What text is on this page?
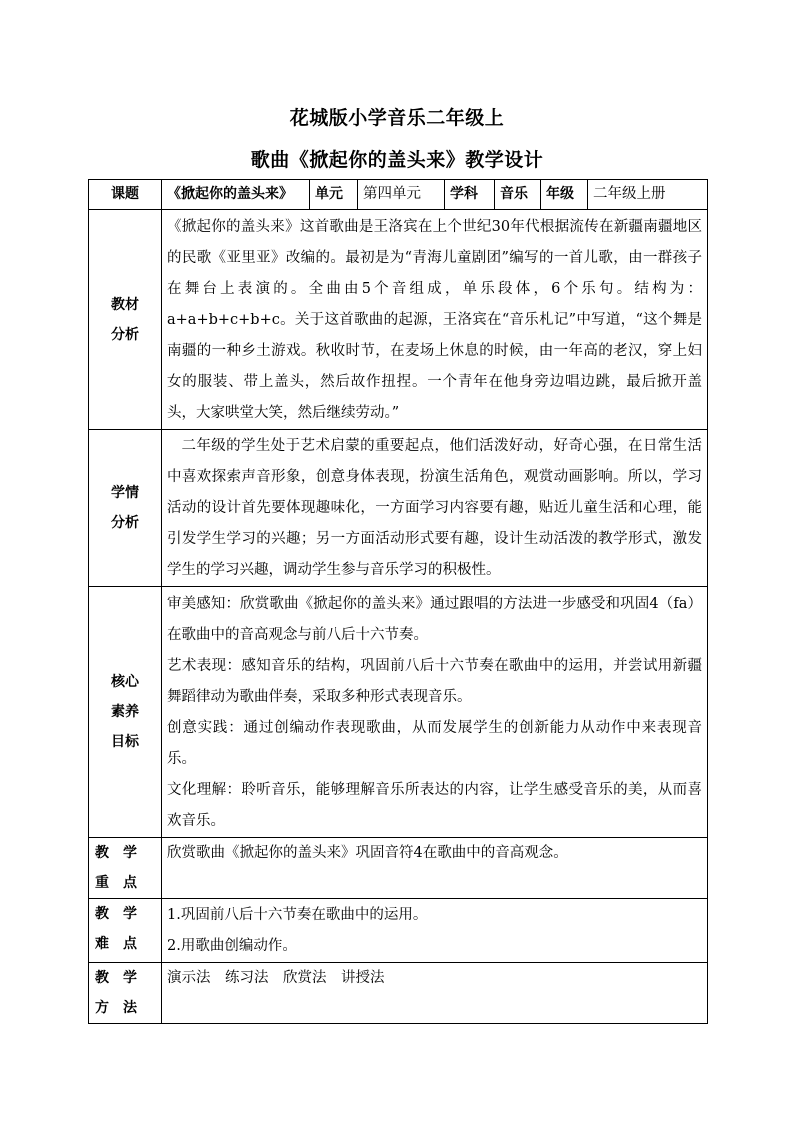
花城版小学音乐二年级上
歌曲《掀起你的盖头来》教学设计
课题	《掀起你的盖头来》	单元	第四单元	学科	音乐	年级	二年级上册
教材分析	《掀起你的盖头来》这首歌曲是王洛宾在上个世纪30年代根据流传在新疆南疆地区的民歌《亚里亚》改编的。最初是为“青海儿童剧团”编写的一首儿歌，由一群孩子在舞台上表演的。全曲由5个音组成，单乐段体，6个乐句。结构为：a+a+b+c+b+c。关于这首歌曲的起源，王洛宾在“音乐札记”中写道，“这个舞是南疆的一种乡土游戏。秋收时节，在麦场上休息的时候，由一年高的老汉，穿上妇女的服装、带上盖头，然后故作扭捏。一个青年在他身旁边唱边跳，最后掀开盖头，大家哄堂大笑，然后继续劳动。”						
学情分析	二年级的学生处于艺术启蒙的重要起点，他们活泼好动，好奇心强，在日常生活中喜欢探索声音形象，创意身体表现，扮演生活角色，观赏动画影响。所以，学习活动的设计首先要体现趣味化，一方面学习内容要有趣，贴近儿童生活和心理，能引发学生学习的兴趣；另一方面活动形式要有趣，设计生动活泼的教学形式，激发学生的学习兴趣，调动学生参与音乐学习的积极性。						
核心素养目标	审美感知：欣赏歌曲《掀起你的盖头来》通过跟唱的方法进一步感受和巩固4（fa）在歌曲中的音高观念与前八后十六节奏。
艺术表现：感知音乐的结构，巩固前八后十六节奏在歌曲中的运用，并尝试用新疆舞蹈律动为歌曲伴奏，采取多种形式表现音乐。
创意实践：通过创编动作表现歌曲，从而发展学生的创新能力从动作中来表现音乐。
文化理解：聆听音乐，能够理解音乐所表达的内容，让学生感受音乐的美，从而喜欢音乐。						

教学重点	欣赏歌曲《掀起你的盖头来》巩固音符4在歌曲中的音高观念。						
教学难点	1.巩固前八后十六节奏在歌曲中的运用。
2.用歌曲创编动作。						

教学方法	演示法　练习法　欣赏法　讲授法						
